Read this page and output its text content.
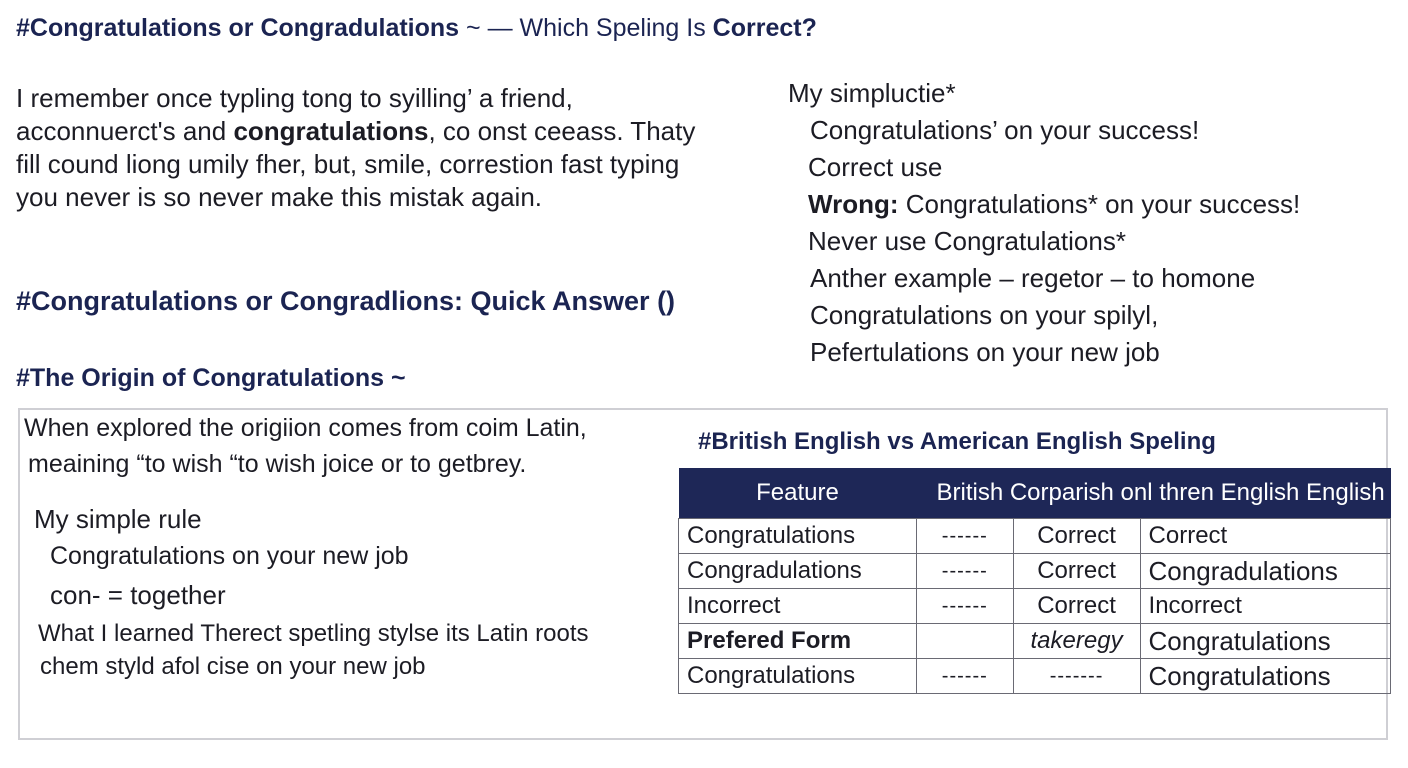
#Congratulations or Congradulations ~ — Which Speling Is Correct?
I remember once typling tong to syilling’ a friend,
acconnuerct's and congratulations, co onst ceeass. Thaty
fill cound liong umily fher, but, smile, correstion fast typing
you never is so never make this mistak again.
My simpluctie*
Congratulations’ on your success!
Correct use
Wrong: Congratulations* on your success!
Never use Congratulations*
Anther example – regetor – to homone
Congratulations on your spilyl,
Pefertulations on your new job
#Congratulations or Congradlions: Quick Answer ()
#The Origin of Congratulations ~
When explored the origiion comes from coim Latin,
meaining “to wish “to wish joice or to getbrey.
My simple rule
Congratulations on your new job
con- = together
What I learned Therect spetling stylse its Latin roots
chem styld afol cise on your new job
#British English vs American English Speling
Feature	British Corparish onl thren English English		
Congratulations	------	Correct	Correct
Congradulations	------	Correct	Congradulations
Incorrect	------	Correct	Incorrect
Prefered Form		takeregy	Congratulations
Congratulations	------	-------	Congratulations
